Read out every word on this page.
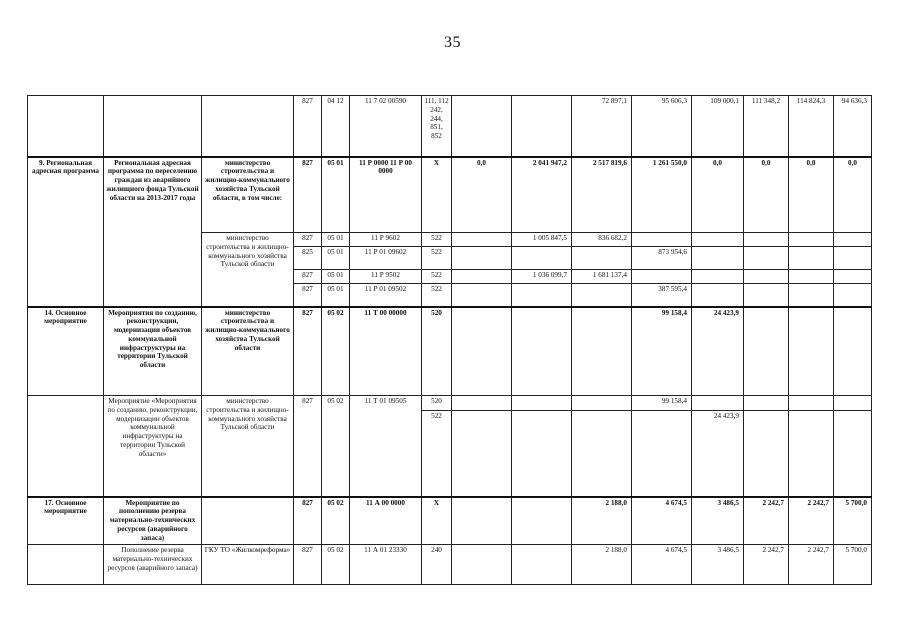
35
			827	04 12	11 7 02 00590	111, 112 242, 244, 851, 852			72 897,1	95 606,3	109 000,1	111 348,2	114 824,3	94 636,3	
9. Региональная адресная программа	Региональная адресная программа по переселению граждан из аварийного жилищного фонда Тульской области на 2013-2017 годы	министерство строительства и жилищно-коммунального хозяйства Тульской области, в том числе:	827	05 01	11 Р 0000 11 Р 00 0000	Х	0,0	2 041 947,2	2 517 819,6	1 261 550,0	0,0	0,0	0,0	0,0	
		министерство строительства и жилищно-коммунального хозяйства Тульской области	827	05 01	11 Р 9602	522		1 005 847,5	836 682,2						
			825	05 01	11 Р 01 09602	522				873 954,6					
			827	05 01	11 Р 9502	522		1 036 099,7	1 681 137,4						
			827	05 01	11 Р 01 09502	522				387 595,4					
14. Основное мероприятие	Мероприятия по созданию, реконструкции, модернизации объектов коммунальной инфраструктуры на территории Тульской области	министерство строительства и жилищно-коммунального хозяйства Тульской области	827	05 02	11 Т 00 00000	520				99 158,4	24 423,9				
	Мероприятие «Мероприятия по созданию, реконструкции, модернизации объектов коммунальной инфраструктуры на территории Тульской области»	министерство строительства и жилищно-коммунального хозяйства Тульской области	827	05 02	11 Т 01 09505	520				99 158,4					
						522					24 423,9				
17. Основное мероприятие	Мероприятие по пополнению резерва материально-технических ресурсов (аварийного запаса)		827	05 02	11 А 00 0000	Х			2 188,0	4 674,5	3 486,5	2 242,7	2 242,7	5 700,0	
	Пополнение резерва материально-технических ресурсов (аварийного запаса)	ГКУ ТО «Жилкомреформа»	827	05 02	11 А 01 23330	240			2 188,0	4 674,5	3 486,5	2 242,7	2 242,7	5 700,0	
